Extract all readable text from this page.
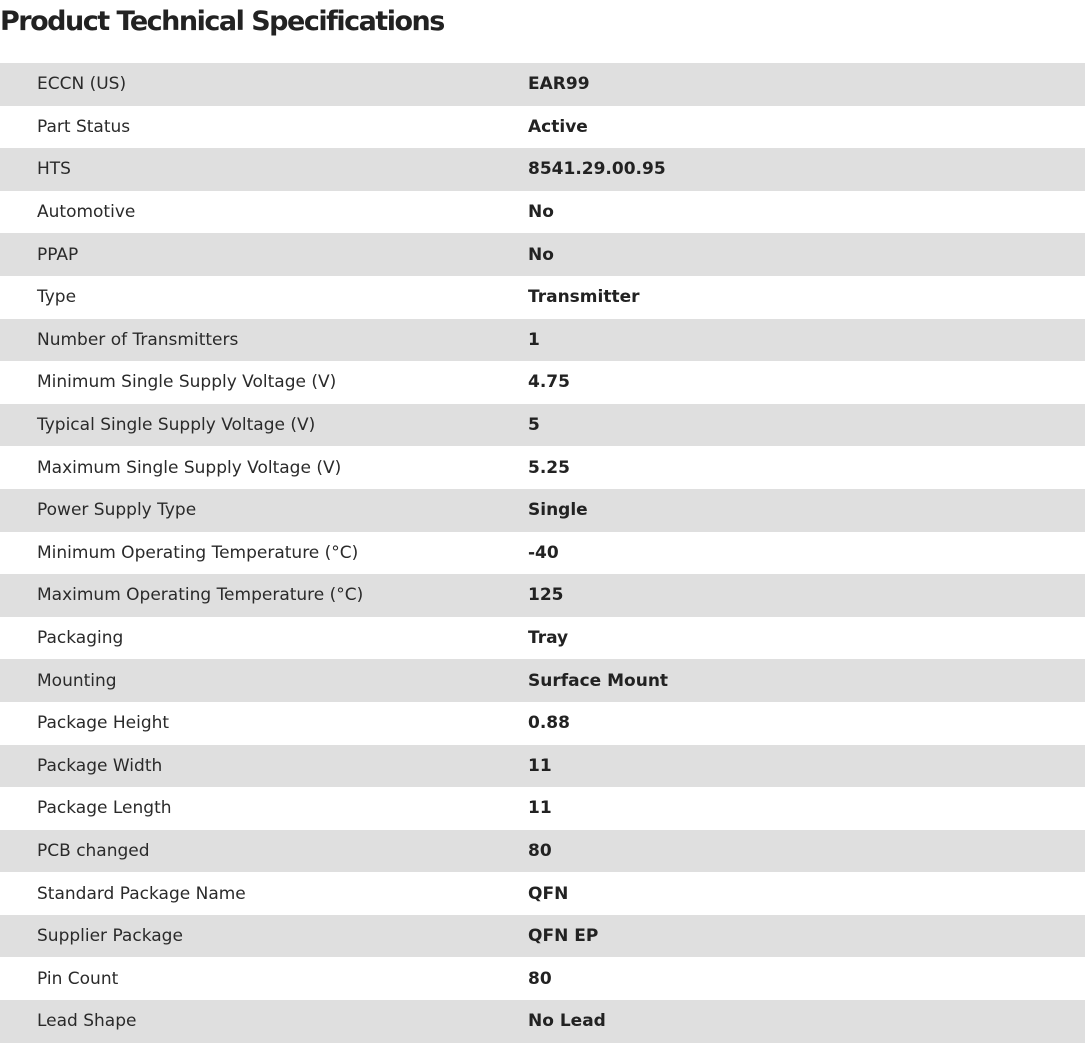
Product Technical Specifications
ECCN (US)	EAR99
Part Status	Active
HTS	8541.29.00.95
Automotive	No
PPAP	No
Type	Transmitter
Number of Transmitters	1
Minimum Single Supply Voltage (V)	4.75
Typical Single Supply Voltage (V)	5
Maximum Single Supply Voltage (V)	5.25
Power Supply Type	Single
Minimum Operating Temperature (°C)	-40
Maximum Operating Temperature (°C)	125
Packaging	Tray
Mounting	Surface Mount
Package Height	0.88
Package Width	11
Package Length	11
PCB changed	80
Standard Package Name	QFN
Supplier Package	QFN EP
Pin Count	80
Lead Shape	No Lead
